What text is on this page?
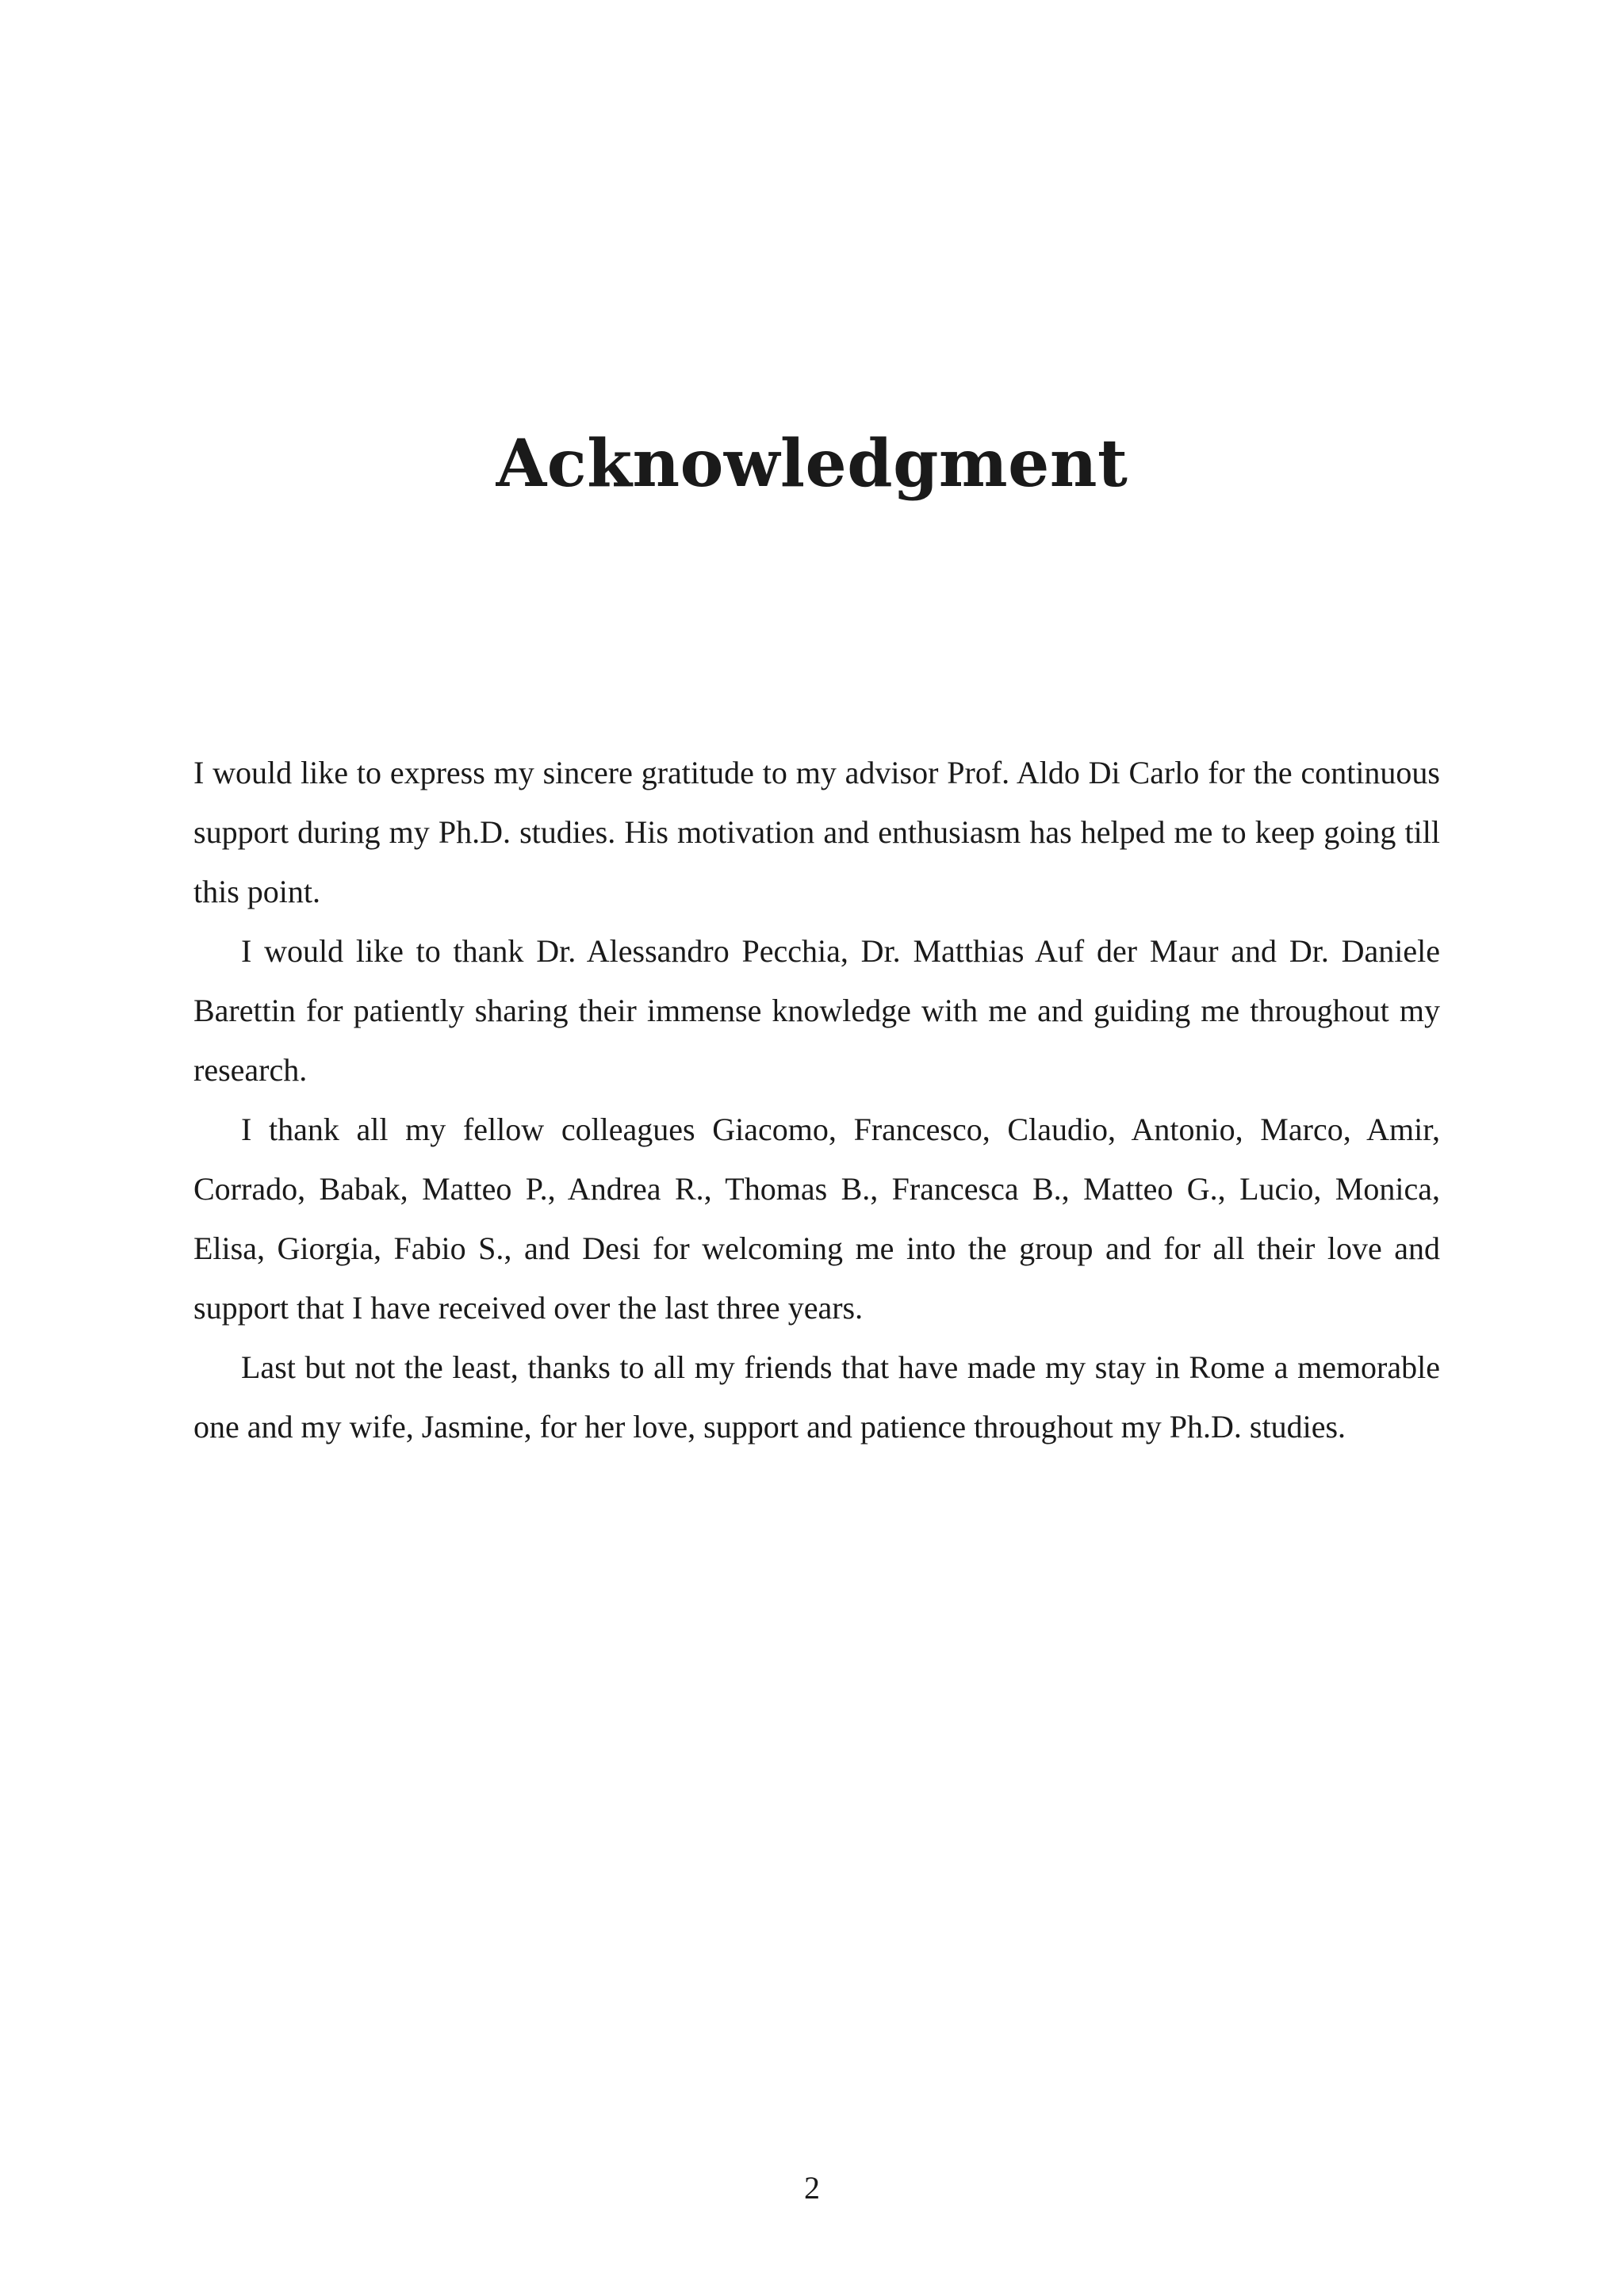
Acknowledgment

I would like to express my sincere gratitude to my advisor Prof. Aldo Di Carlo for the continuous support during my Ph.D. studies. His motivation and enthusiasm has helped me to keep going till this point.

I would like to thank Dr. Alessandro Pecchia, Dr. Matthias Auf der Maur and Dr. Daniele Barettin for patiently sharing their immense knowledge with me and guiding me throughout my research.

I thank all my fellow colleagues Giacomo, Francesco, Claudio, Antonio, Marco, Amir, Corrado, Babak, Matteo P., Andrea R., Thomas B., Francesca B., Matteo G., Lucio, Monica, Elisa, Giorgia, Fabio S., and Desi for welcoming me into the group and for all their love and support that I have received over the last three years.

Last but not the least, thanks to all my friends that have made my stay in Rome a memorable one and my wife, Jasmine, for her love, support and patience throughout my Ph.D. studies.

2
